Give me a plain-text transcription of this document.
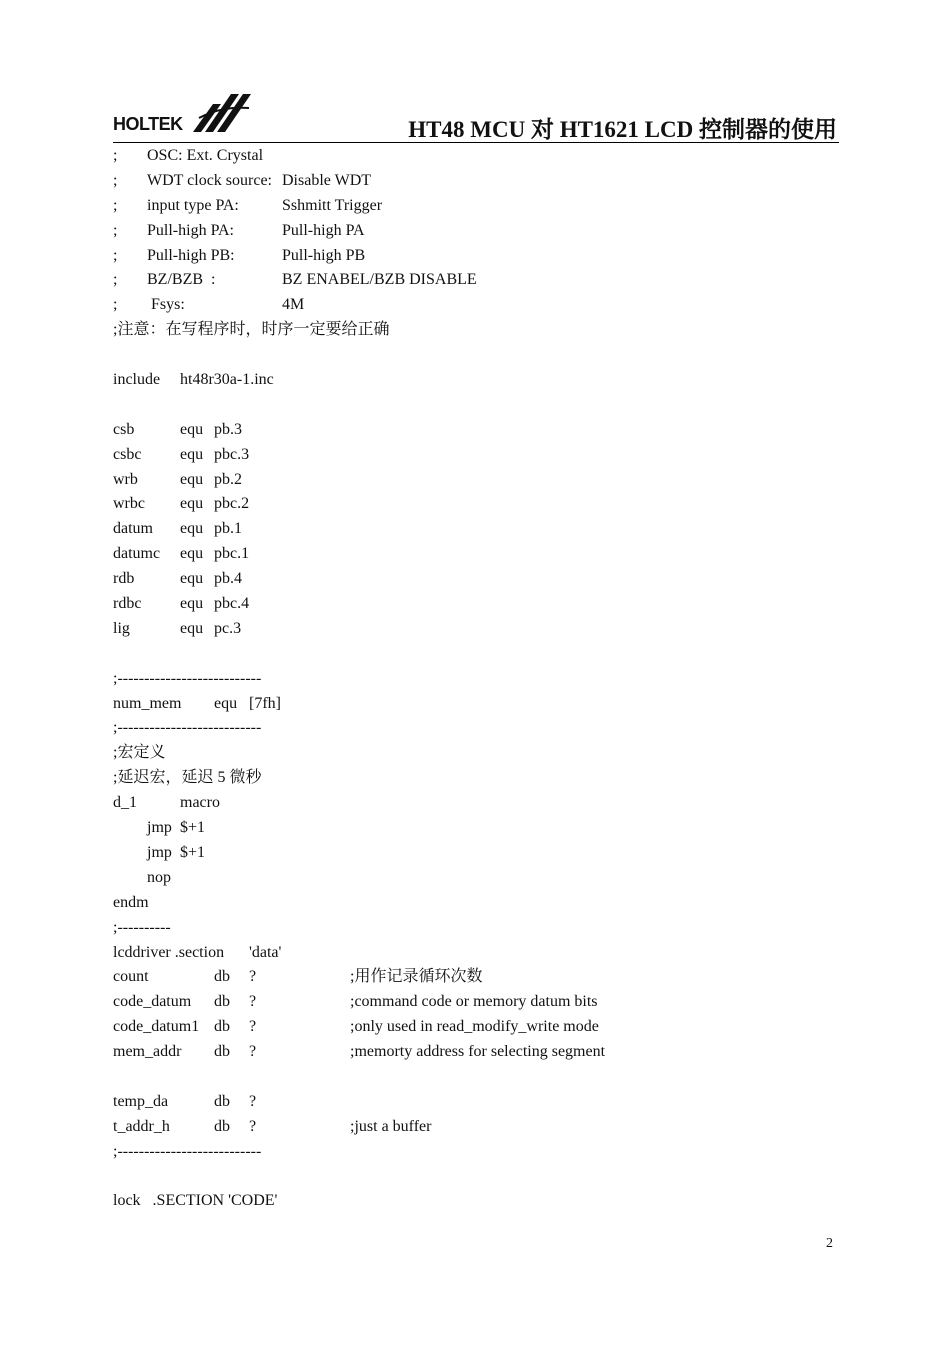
HOLTEK	HT48 MCU 对 HT1621 LCD 控制器的使用
; OSC: Ext. Crystal
; WDT clock source: Disable WDT
; input type PA:	Sshmitt Trigger
; Pull-high PA:	Pull-high PA
; Pull-high PB:	Pull-high PB
; BZ/BZB  :	BZ ENABEL/BZB DISABLE
; Fsys:	4M
;注意：在写程序时，时序一定要给正确
include ht48r30a-1.inc
csb	equ pb.3
csbc equ pbc.3
wrb	equ pb.2
wrbc equ pbc.2
datum equ pb.1
datumc equ pbc.1
rdb	equ pb.4
rdbc equ pbc.4
lig	equ pc.3
;---------------------------
num_mem equ [7fh]
;---------------------------
;宏定义
;延迟宏，延迟 5 微秒
d_1	macro
jmp $+1
jmp $+1
nop
endm
;----------
lcddriver .section 'data'
count	db ?	;用作记录循环次数
code_datum db ?	;command code or memory datum bits
code_datum1 db ?	;only used in read_modify_write mode
mem_addr db ?	;memorty address for selecting segment
temp_da	db ?
t_addr_h	db ?	;just a buffer
;---------------------------
lock   .SECTION 'CODE'
2
